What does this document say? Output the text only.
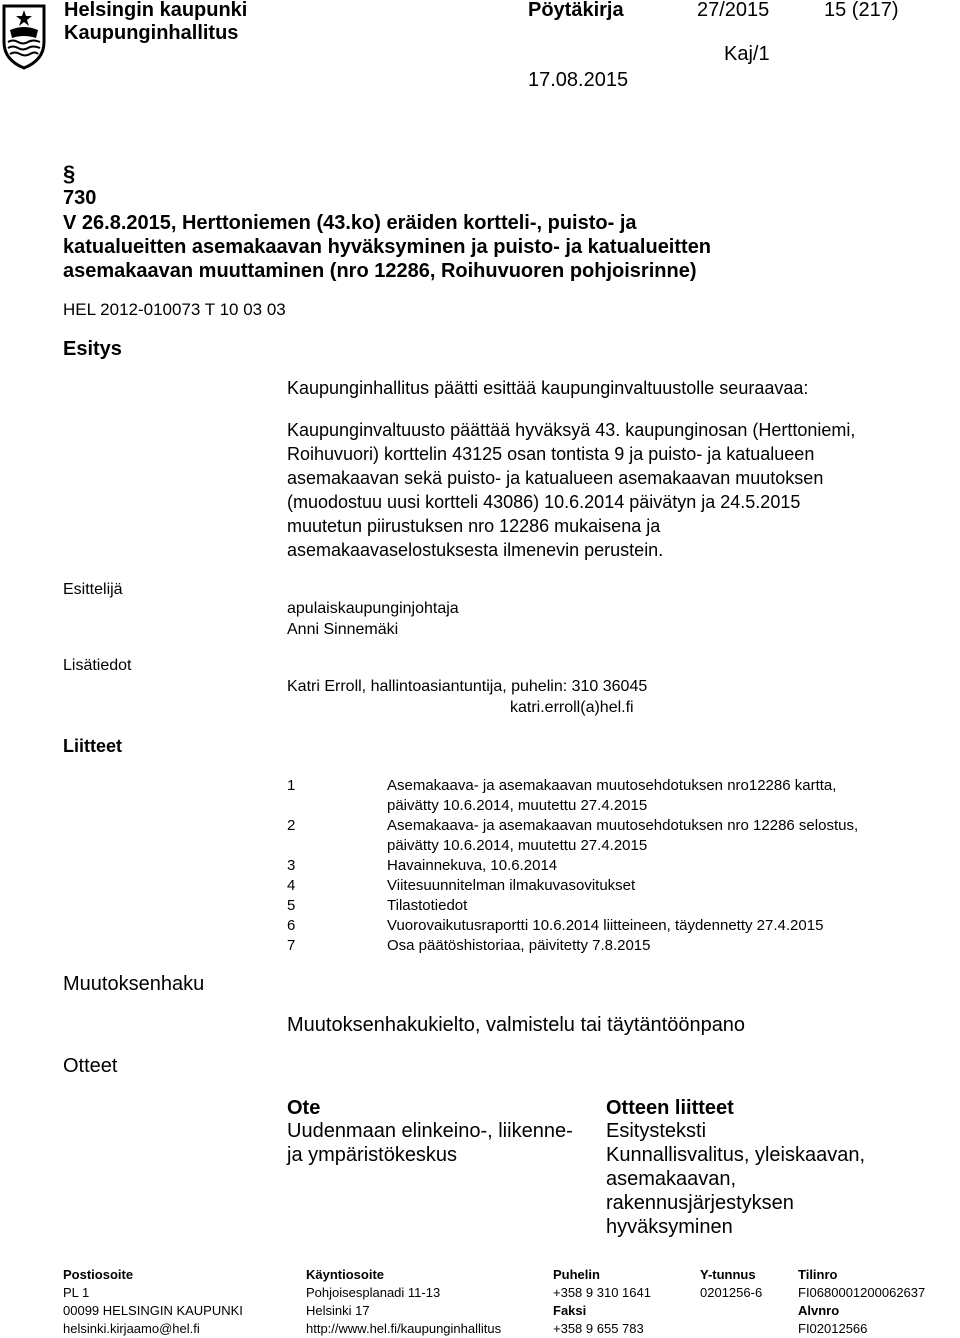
Helsingin kaupunki
Kaupunginhallitus
Pöytäkirja	27/2015	15 (217)
Kaj/1
17.08.2015
§
730
V 26.8.2015, Herttoniemen (43.ko) eräiden kortteli-, puisto- ja
katualueitten asemakaavan hyväksyminen ja puisto- ja katualueitten
asemakaavan muuttaminen (nro 12286, Roihuvuoren pohjoisrinne)
HEL 2012-010073 T 10 03 03
Esitys
Kaupunginhallitus päätti esittää kaupunginvaltuustolle seuraavaa:
Kaupunginvaltuusto päättää hyväksyä 43. kaupunginosan (Herttoniemi,
Roihuvuori) korttelin 43125 osan tontista 9 ja puisto- ja katualueen
asemakaavan sekä puisto- ja katualueen asemakaavan muutoksen
(muodostuu uusi kortteli 43086) 10.6.2014 päivätyn ja 24.5.2015
muutetun piirustuksen nro 12286 mukaisena ja
asemakaavaselostuksesta ilmenevin perustein.
Esittelijä
apulaiskaupunginjohtaja
Anni Sinnemäki
Lisätiedot
Katri Erroll, hallintoasiantuntija, puhelin: 310 36045
katri.erroll(a)hel.fi
Liitteet
1	Asemakaava- ja asemakaavan muutosehdotuksen nro12286 kartta,
päivätty 10.6.2014, muutettu 27.4.2015
2	Asemakaava- ja asemakaavan muutosehdotuksen nro 12286 selostus,
päivätty 10.6.2014, muutettu 27.4.2015
3	Havainnekuva, 10.6.2014
4	Viitesuunnitelman ilmakuvasovitukset
5	Tilastotiedot
6	Vuorovaikutusraportti 10.6.2014 liitteineen, täydennetty 27.4.2015
7	Osa päätöshistoriaa, päivitetty 7.8.2015
Muutoksenhaku
Muutoksenhakukielto, valmistelu tai täytäntöönpano
Otteet
Ote
Uudenmaan elinkeino-, liikenne-
ja ympäristökeskus
Otteen liitteet
Esitysteksti
Kunnallisvalitus, yleiskaavan,
asemakaavan,
rakennusjärjestyksen
hyväksyminen
Postiosoite
PL 1
00099 HELSINGIN KAUPUNKI
helsinki.kirjaamo@hel.fi
Käyntiosoite
Pohjoisesplanadi 11-13
Helsinki 17
http://www.hel.fi/kaupunginhallitus
Puhelin
+358 9 310 1641
Faksi
+358 9 655 783
Y-tunnus
0201256-6
Tilinro
FI0680001200062637
Alvnro
FI02012566
